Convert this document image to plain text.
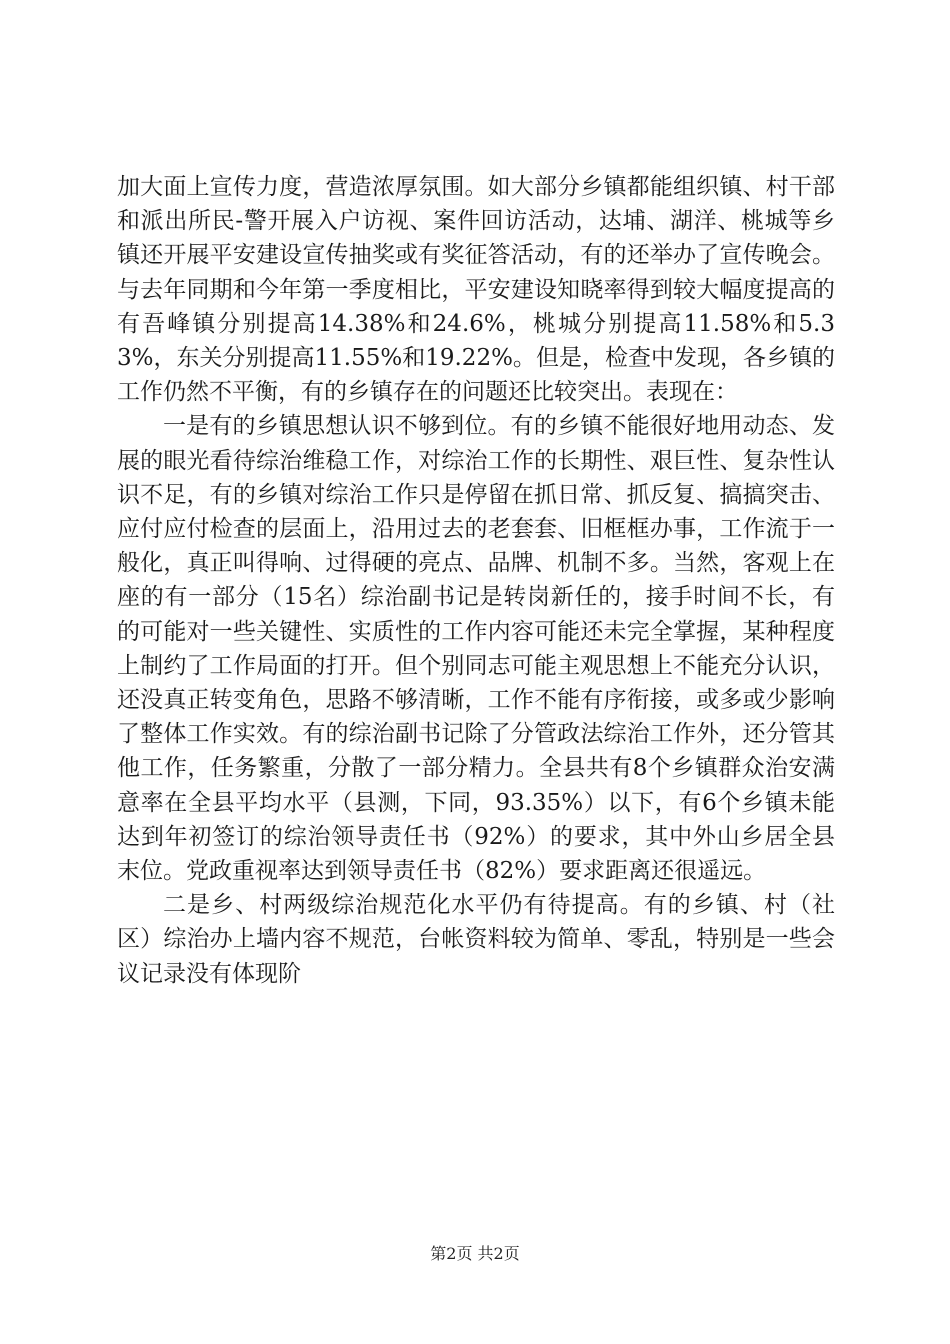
加大面上宣传力度，营造浓厚氛围。如大部分乡镇都能组织镇、村干部和派出所民-警开展入户访视、案件回访活动，达埔、湖洋、桃城等乡镇还开展平安建设宣传抽奖或有奖征答活动，有的还举办了宣传晚会。与去年同期和今年第一季度相比，平安建设知晓率得到较大幅度提高的有吾峰镇分别提高14.38%和24.6%，桃城分别提高11.58%和5.33%，东关分别提高11.55%和19.22%。但是，检查中发现，各乡镇的工作仍然不平衡，有的乡镇存在的问题还比较突出。表现在：

一是有的乡镇思想认识不够到位。有的乡镇不能很好地用动态、发展的眼光看待综治维稳工作，对综治工作的长期性、艰巨性、复杂性认识不足，有的乡镇对综治工作只是停留在抓日常、抓反复、搞搞突击、应付应付检查的层面上，沿用过去的老套套、旧框框办事，工作流于一般化，真正叫得响、过得硬的亮点、品牌、机制不多。当然，客观上在座的有一部分（15名）综治副书记是转岗新任的，接手时间不长，有的可能对一些关键性、实质性的工作内容可能还未完全掌握，某种程度上制约了工作局面的打开。但个别同志可能主观思想上不能充分认识，还没真正转变角色，思路不够清晰，工作不能有序衔接，或多或少影响了整体工作实效。有的综治副书记除了分管政法综治工作外，还分管其他工作，任务繁重，分散了一部分精力。全县共有8个乡镇群众治安满意率在全县平均水平（县测，下同，93.35%）以下，有6个乡镇未能达到年初签订的综治领导责任书（92%）的要求，其中外山乡居全县末位。党政重视率达到领导责任书（82%）要求距离还很遥远。

二是乡、村两级综治规范化水平仍有待提高。有的乡镇、村（社区）综治办上墙内容不规范，台帐资料较为简单、零乱，特别是一些会议记录没有体现阶

第2页 共2页
